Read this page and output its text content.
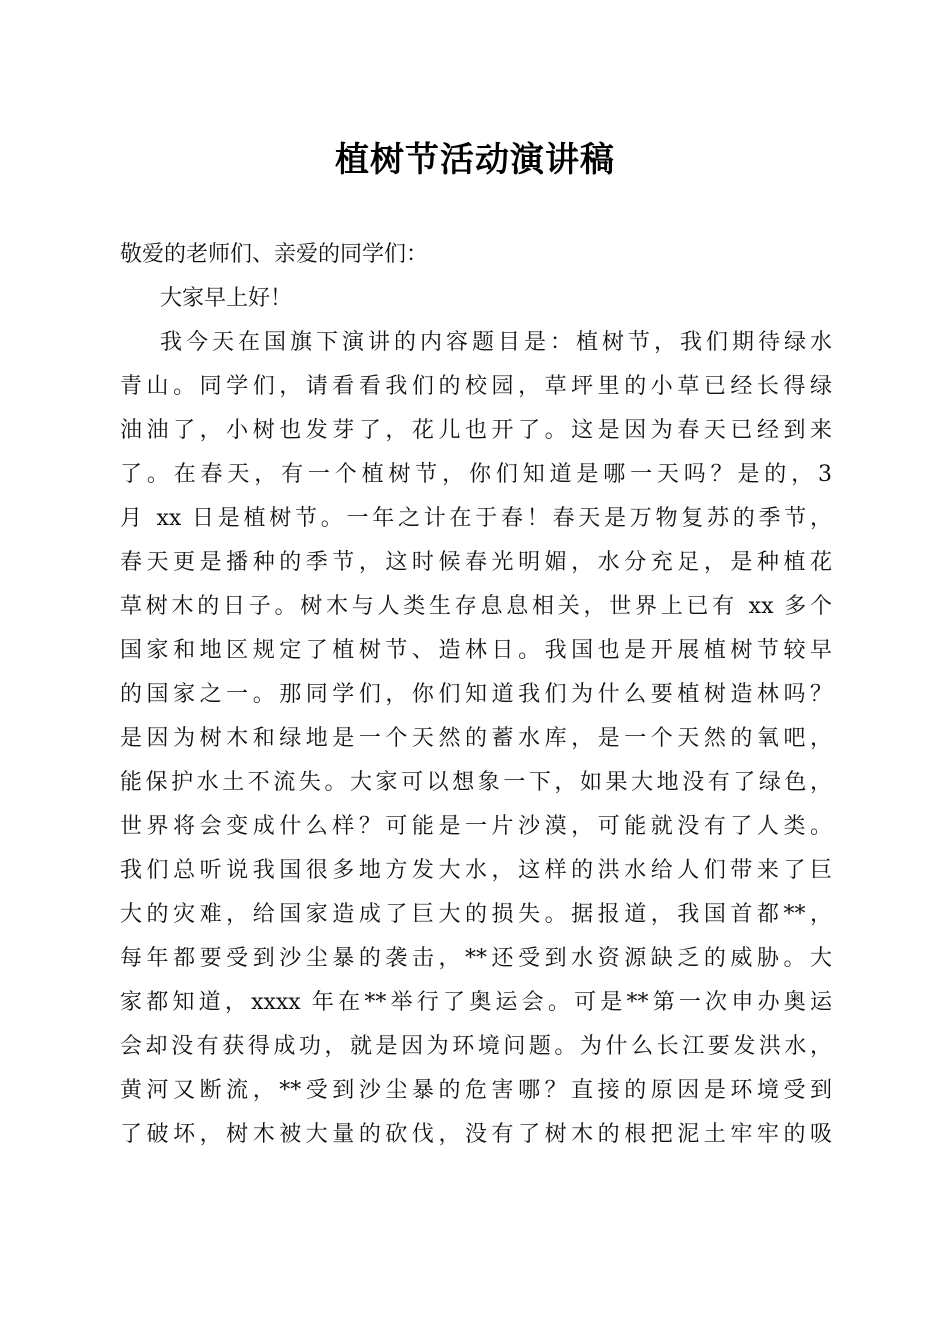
植树节活动演讲稿
敬爱的老师们、亲爱的同学们：
大家早上好！
我今天在国旗下演讲的内容题目是：植树节，我们期待绿水
青山。同学们，请看看我们的校园，草坪里的小草已经长得绿
油油了，小树也发芽了，花儿也开了。这是因为春天已经到来
了。在春天，有一个植树节，你们知道是哪一天吗？是的，3
月 xx 日是植树节。一年之计在于春！春天是万物复苏的季节，
春天更是播种的季节，这时候春光明媚，水分充足，是种植花
草树木的日子。树木与人类生存息息相关，世界上已有 xx 多个
国家和地区规定了植树节、造林日。我国也是开展植树节较早
的国家之一。那同学们，你们知道我们为什么要植树造林吗？
是因为树木和绿地是一个天然的蓄水库，是一个天然的氧吧，
能保护水土不流失。大家可以想象一下，如果大地没有了绿色，
世界将会变成什么样？可能是一片沙漠，可能就没有了人类。
我们总听说我国很多地方发大水，这样的洪水给人们带来了巨
大的灾难，给国家造成了巨大的损失。据报道，我国首都**，
每年都要受到沙尘暴的袭击，**还受到水资源缺乏的威胁。大
家都知道，xxxx 年在**举行了奥运会。可是**第一次申办奥运
会却没有获得成功，就是因为环境问题。为什么长江要发洪水，
黄河又断流，**受到沙尘暴的危害哪？直接的原因是环境受到
了破坏，树木被大量的砍伐，没有了树木的根把泥土牢牢的吸
